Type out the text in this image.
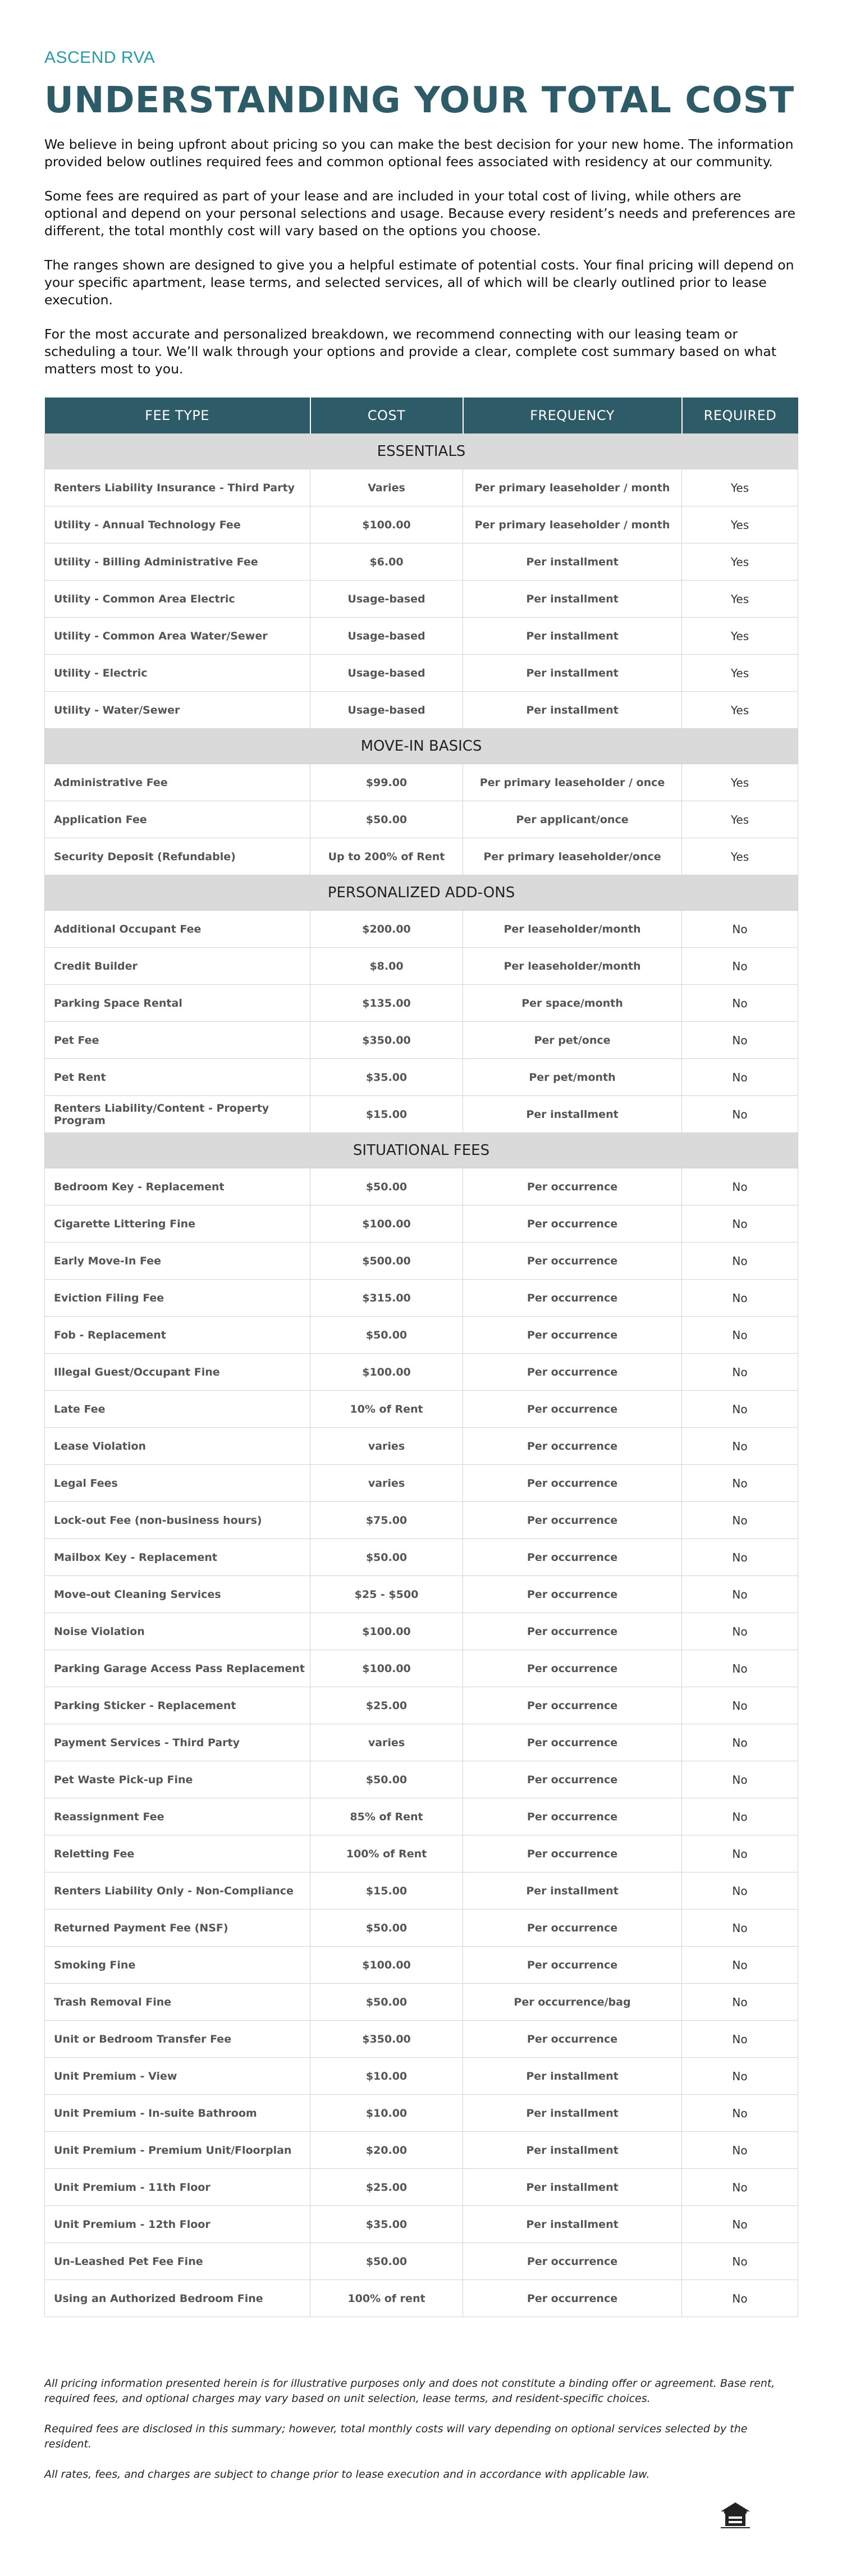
ASCEND RVA
UNDERSTANDING YOUR TOTAL COST

We believe in being upfront about pricing so you can make the best decision for your new home. The information provided below outlines required fees and common optional fees associated with residency at our community.

Some fees are required as part of your lease and are included in your total cost of living, while others are optional and depend on your personal selections and usage. Because every resident’s needs and preferences are different, the total monthly cost will vary based on the options you choose.

The ranges shown are designed to give you a helpful estimate of potential costs. Your final pricing will depend on your specific apartment, lease terms, and selected services, all of which will be clearly outlined prior to lease execution.

For the most accurate and personalized breakdown, we recommend connecting with our leasing team or scheduling a tour. We’ll walk through your options and provide a clear, complete cost summary based on what matters most to you.

FEE TYPE	COST	FREQUENCY	REQUIRED
ESSENTIALS			
Renters Liability Insurance - Third Party	Varies	Per primary leaseholder / month	Yes
Utility - Annual Technology Fee	$100.00	Per primary leaseholder / month	Yes
Utility - Billing Administrative Fee	$6.00	Per installment	Yes
Utility - Common Area Electric	Usage-based	Per installment	Yes
Utility - Common Area Water/Sewer	Usage-based	Per installment	Yes
Utility - Electric	Usage-based	Per installment	Yes
Utility - Water/Sewer	Usage-based	Per installment	Yes
MOVE-IN BASICS			
Administrative Fee	$99.00	Per primary leaseholder / once	Yes
Application Fee	$50.00	Per applicant/once	Yes
Security Deposit (Refundable)	Up to 200% of Rent	Per primary leaseholder/once	Yes
PERSONALIZED ADD-ONS			
Additional Occupant Fee	$200.00	Per leaseholder/month	No
Credit Builder	$8.00	Per leaseholder/month	No
Parking Space Rental	$135.00	Per space/month	No
Pet Fee	$350.00	Per pet/once	No
Pet Rent	$35.00	Per pet/month	No
Renters Liability/Content - Property Program	$15.00	Per installment	No
SITUATIONAL FEES			
Bedroom Key - Replacement	$50.00	Per occurrence	No
Cigarette Littering Fine	$100.00	Per occurrence	No
Early Move-In Fee	$500.00	Per occurrence	No
Eviction Filing Fee	$315.00	Per occurrence	No
Fob - Replacement	$50.00	Per occurrence	No
Illegal Guest/Occupant Fine	$100.00	Per occurrence	No
Late Fee	10% of Rent	Per occurrence	No
Lease Violation	varies	Per occurrence	No
Legal Fees	varies	Per occurrence	No
Lock-out Fee (non-business hours)	$75.00	Per occurrence	No
Mailbox Key - Replacement	$50.00	Per occurrence	No
Move-out Cleaning Services	$25 - $500	Per occurrence	No
Noise Violation	$100.00	Per occurrence	No
Parking Garage Access Pass Replacement	$100.00	Per occurrence	No
Parking Sticker - Replacement	$25.00	Per occurrence	No
Payment Services - Third Party	varies	Per occurrence	No
Pet Waste Pick-up Fine	$50.00	Per occurrence	No
Reassignment Fee	85% of Rent	Per occurrence	No
Reletting Fee	100% of Rent	Per occurrence	No
Renters Liability Only - Non-Compliance	$15.00	Per installment	No
Returned Payment Fee (NSF)	$50.00	Per occurrence	No
Smoking Fine	$100.00	Per occurrence	No
Trash Removal Fine	$50.00	Per occurrence/bag	No
Unit or Bedroom Transfer Fee	$350.00	Per occurrence	No
Unit Premium - View	$10.00	Per installment	No
Unit Premium - In-suite Bathroom	$10.00	Per installment	No
Unit Premium - Premium Unit/Floorplan	$20.00	Per installment	No
Unit Premium - 11th Floor	$25.00	Per installment	No
Unit Premium - 12th Floor	$35.00	Per installment	No
Un-Leashed Pet Fee Fine	$50.00	Per occurrence	No
Using an Authorized Bedroom Fine	100% of rent	Per occurrence	No

All pricing information presented herein is for illustrative purposes only and does not constitute a binding offer or agreement. Base rent, required fees, and optional charges may vary based on unit selection, lease terms, and resident-specific choices.

Required fees are disclosed in this summary; however, total monthly costs will vary depending on optional services selected by the resident.

All rates, fees, and charges are subject to change prior to lease execution and in accordance with applicable law.
